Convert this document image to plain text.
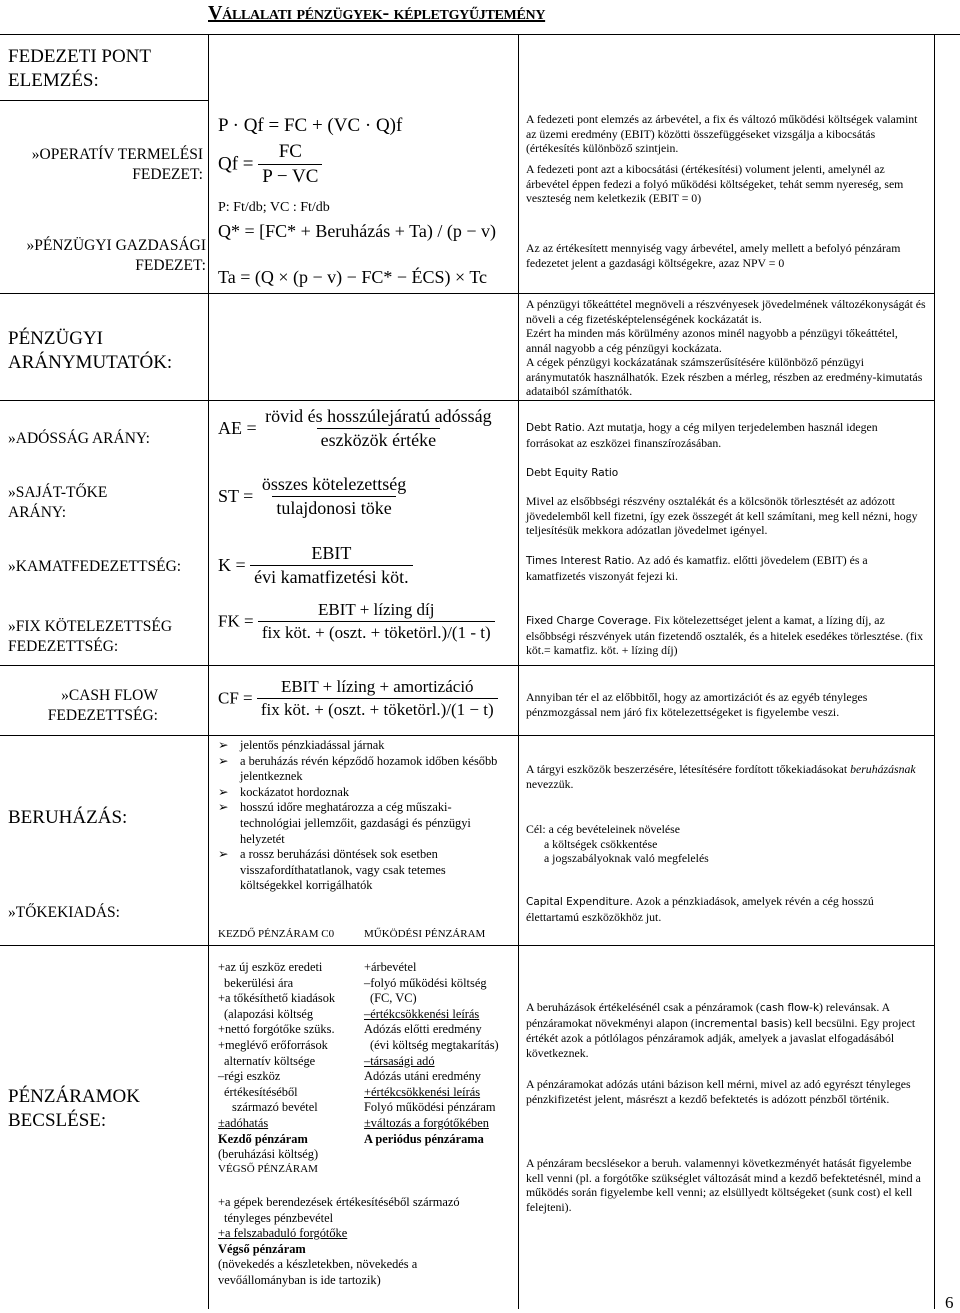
Vállalati pénzügyek- képletgyűjtemény
FEDEZETI PONT ELEMZÉS:
»OPERATÍV TERMELÉSI FEDEZET:
»PÉNZÜGYI GAZDASÁGI FEDEZET:
PÉNZÜGYI ARÁNYMUTATÓK:
»ADÓSSÁG ARÁNY:
»SAJÁT-TŐKE ARÁNY:
»KAMATFEDEZETTSÉG:
»FIX KÖTELEZETTSÉG FEDEZETTSÉG:
»CASH FLOW FEDEZETTSÉG:
BERUHÁZÁS:
»TŐKEKIADÁS:
PÉNZÁRAMOK BECSLÉSE:
P · Qf = FC + (VC · Q)f
$Qf = \frac{FC}{P - VC}$
P: Ft/db; VC : Ft/db
Q* = [FC* + Beruházás + Ta) / (p − v)
Ta = (Q × (p − v) − FC* − ÉCS) × Tc
AE = $\frac{\text{rövid és hosszúlejáratú adósság}}{\text{eszközök értéke}}$
ST = $\frac{\text{összes kötelezettség}}{\text{tulajdonosi töke}}$
$K = \frac{\text{EBIT}}{\text{évi kamatfizetési köt.}}$
FK = $\frac{\text{EBIT + lízing díj}}{\text{fix köt. + (oszt. + töketörl.)/(1 - t)}}$
CF = $\frac{\text{EBIT + lízing + amortizáció}}{\text{fix köt. + (oszt. + töketörl.)/(1 − t)}}$
➢ jelentős pénzkiadással járnak
➢ a beruházás révén képződő hozamok időben később jelentkeznek
➢ kockázatot hordoznak
➢ hosszú időre meghatározza a cég műszaki-technológiai jellemzőit, gazdasági és pénzügyi helyzetét
➢ a rossz beruházási döntések sok esetben visszafordíthatatlanok, vagy csak tetemes költségekkel korrigálhatók
KEZDŐ PÉNZÁRAM C0	MŰKÖDÉSI PÉNZÁRAM
+az új eszköz eredeti
bekerülési ára
+a tőkésíthető kiadások
(alapozási költség
+nettó forgótőke szüks.
+meglévő erőforrások
alternatív költsége
–régi eszköz
értékesítéséből
származó bevétel
±adóhatás
Kezdő pénzáram
(beruházási költség)
+árbevétel
–folyó működési költség
(FC, VC)
–értékcsökkenési leírás
Adózás előtti eredmény
(évi költség megtakarítás)
–társasági adó
Adózás utáni eredmény
+értékcsökkenési leírás
Folyó működési pénzáram
±változás a forgótőkében
A periódus pénzárama
VÉGSŐ PÉNZÁRAM
+a gépek berendezések értékesítéséből származó
tényleges pénzbevétel
+a felszabaduló forgótőke
Végső pénzáram
(növekedés a készletekben, növekedés a
vevőállományban is ide tartozik)
A fedezeti pont elemzés az árbevétel, a fix és változó működési költségek valamint az üzemi eredmény (EBIT) közötti összefüggéseket vizsgálja a kibocsátás (értékesítés különböző szintjein.
A fedezeti pont azt a kibocsátási (értékesítési) volument jelenti, amelynél az árbevétel éppen fedezi a folyó működési költségeket, tehát semm nyereség, sem veszteség nem keletkezik (EBIT = 0)
Az az értékesített mennyiség vagy árbevétel, amely mellett a befolyó pénzáram fedezetet jelent a gazdasági költségekre, azaz NPV = 0
A pénzügyi tőkeáttétel megnöveli a részvényesek jövedelmének változékonyságát és növeli a cég fizetésképtelenségének kockázatát is.
Ezért ha minden más körülmény azonos minél nagyobb a pénzügyi tőkeáttétel, annál nagyobb a cég pénzügyi kockázata.
A cégek pénzügyi kockázatának számszerűsítésére különböző pénzügyi aránymutatók használhatók. Ezek részben a mérleg, részben az eredmény-kimutatás adataiból számíthatók.
Debt Ratio. Azt mutatja, hogy a cég milyen terjedelemben használ idegen forrásokat az eszközei finanszírozásában.
Debt Equity Ratio
Mivel az elsőbbségi részvény osztalékát és a kölcsönök törlesztését az adózott jövedelemből kell fizetni, így ezek összegét át kell számítani, meg kell nézni, hogy teljesítésük mekkora adózatlan jövedelmet igényel.
Times Interest Ratio. Az adó és kamatfiz. előtti jövedelem (EBIT) és a kamatfizetés viszonyát fejezi ki.
Fixed Charge Coverage. Fix kötelezettséget jelent a kamat, a lízing díj, az elsőbbségi részvények után fizetendő osztalék, és a hitelek esedékes törlesztése. (fix köt.= kamatfiz. köt. + lízing díj)
Annyiban tér el az előbbitől, hogy az amortizációt és az egyéb tényleges pénzmozgással nem járó fix kötelezettségeket is figyelembe veszi.
A tárgyi eszközök beszerzésére, létesítésére fordított tőkekiadásokat beruházásnak nevezzük.
Cél: a cég bevételeinek növelése
a költségek csökkentése
a jogszabályoknak való megfelelés
Capital Expenditure. Azok a pénzkiadások, amelyek révén a cég hosszú élettartamú eszközökhöz jut.
A beruházások értékelésénél csak a pénzáramok (cash flow-k) relevánsak. A pénzáramokat növekményi alapon (incremental basis) kell becsülni. Egy project értékét azok a pótlólagos pénzáramok adják, amelyek a javaslat elfogadásából következnek.
A pénzáramokat adózás utáni bázison kell mérni, mivel az adó egyrészt tényleges pénzkifizetést jelent, másrészt a kezdő befektetés is adózott pénzből történik.
A pénzáram becslésekor a beruh. valamennyi következményét hatását figyelembe kell venni (pl. a forgótőke szükséglet változását mind a kezdő befektetésnél, mind a működés során figyelembe kell venni; az elsüllyedt költségeket (sunk cost) el kell felejteni).
6
